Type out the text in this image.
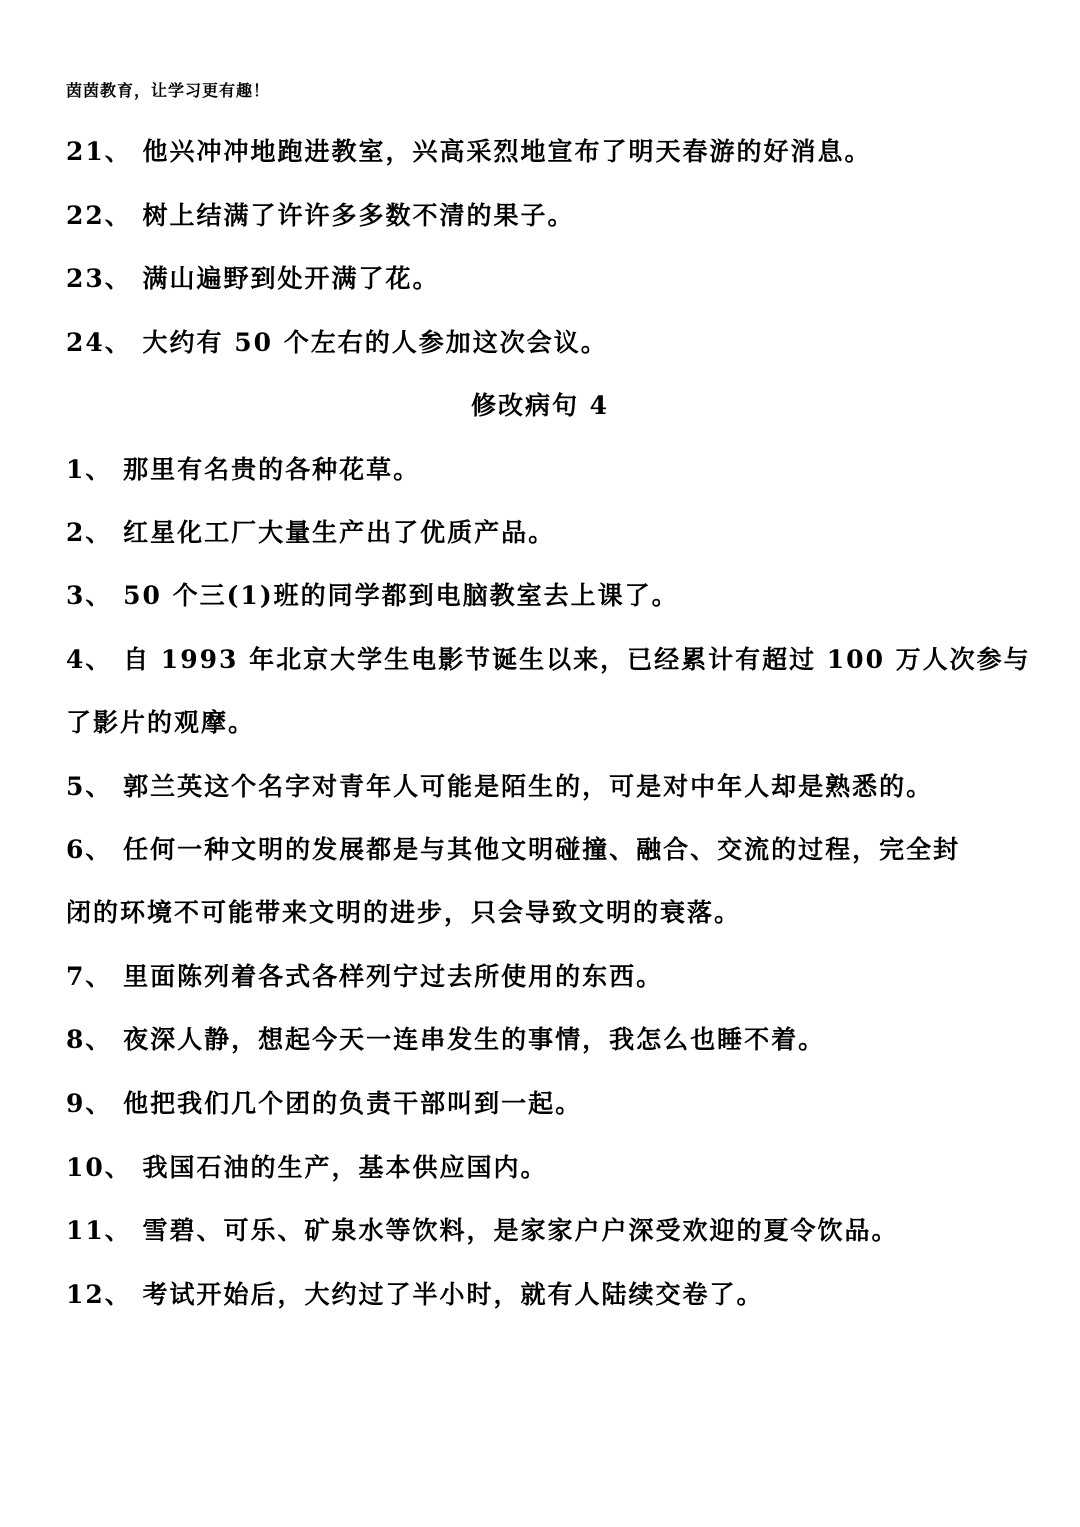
茵茵教育，让学习更有趣！
21、 他兴冲冲地跑进教室，兴高采烈地宣布了明天春游的好消息。
22、 树上结满了许许多多数不清的果子。
23、 满山遍野到处开满了花。
24、 大约有 50 个左右的人参加这次会议。
修改病句 4
1、 那里有名贵的各种花草。
2、 红星化工厂大量生产出了优质产品。
3、 50 个三(1)班的同学都到电脑教室去上课了。
4、 自 1993 年北京大学生电影节诞生以来，已经累计有超过 100 万人次参与
了影片的观摩。
5、 郭兰英这个名字对青年人可能是陌生的，可是对中年人却是熟悉的。
6、 任何一种文明的发展都是与其他文明碰撞、融合、交流的过程，完全封
闭的环境不可能带来文明的进步，只会导致文明的衰落。
7、 里面陈列着各式各样列宁过去所使用的东西。
8、 夜深人静，想起今天一连串发生的事情，我怎么也睡不着。
9、 他把我们几个团的负责干部叫到一起。
10、 我国石油的生产，基本供应国内。
11、 雪碧、可乐、矿泉水等饮料，是家家户户深受欢迎的夏令饮品。
12、 考试开始后，大约过了半小时，就有人陆续交卷了。
